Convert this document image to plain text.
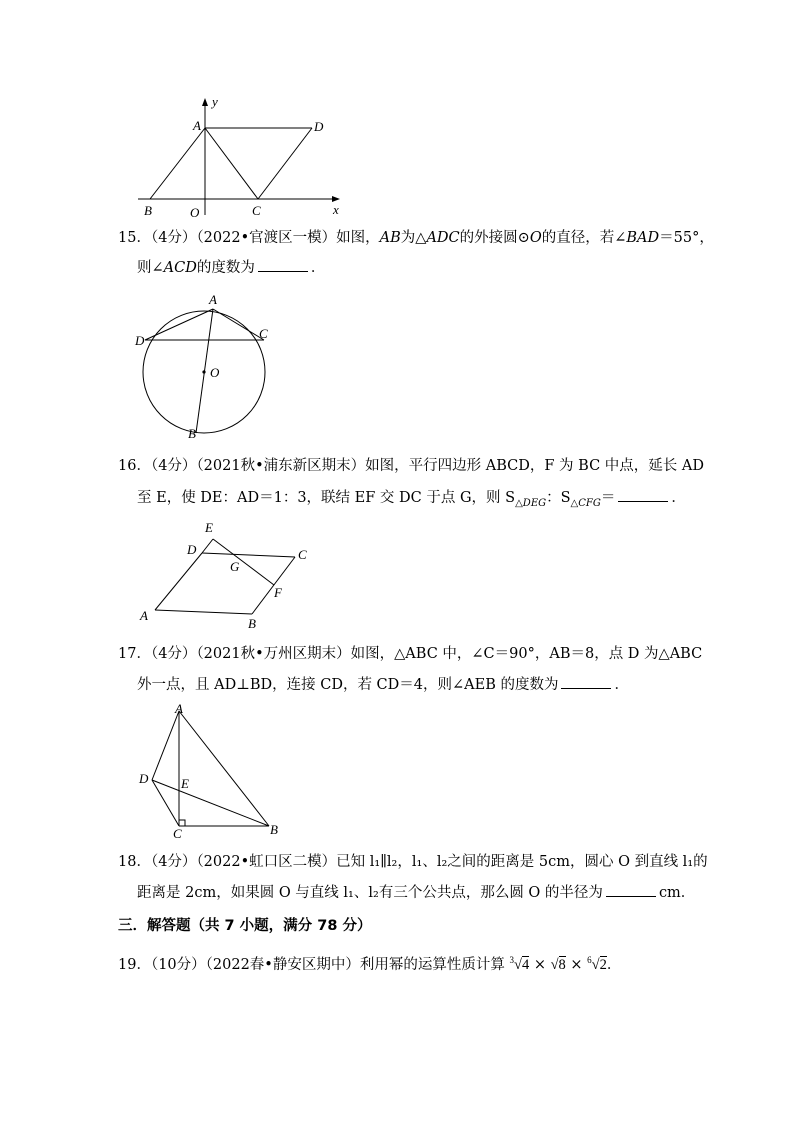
y
A	D
B	O	C	x
15．（4分）（2022•官渡区一模）如图，AB为△ADC的外接圆⊙O的直径，若∠BAD＝55°，
则∠ACD的度数为	．
A
D	C
O
B
16．（4分）（2021秋•浦东新区期末）如图，平行四边形 ABCD，F 为 BC 中点，延长 AD
至 E，使 DE：AD＝1：3，联结 EF 交 DC 于点 G，则 $S_{\triangle DEG}$：$S_{\triangle CFG}=$	．
E
D	C
G
F
A
B
17．（4分）（2021秋•万州区期末）如图，△ABC 中，∠C＝90°，AB＝8，点 D 为△ABC
外一点，且 AD⊥BD，连接 CD，若 CD＝4，则∠AEB 的度数为	．
A
D	E
C	B
18．（4分）（2022•虹口区二模）已知 l₁∥l₂，l₁、l₂之间的距离是 5cm，圆心 O 到直线 l₁的
距离是 2cm，如果圆 O 与直线 l₁、l₂有三个公共点，那么圆 O 的半径为	cm．
三．解答题（共 7 小题，满分 78 分）
19．（10分）（2022春•静安区期中）利用幂的运算性质计算 $^3$√4 × √8 × $^6$√2．
